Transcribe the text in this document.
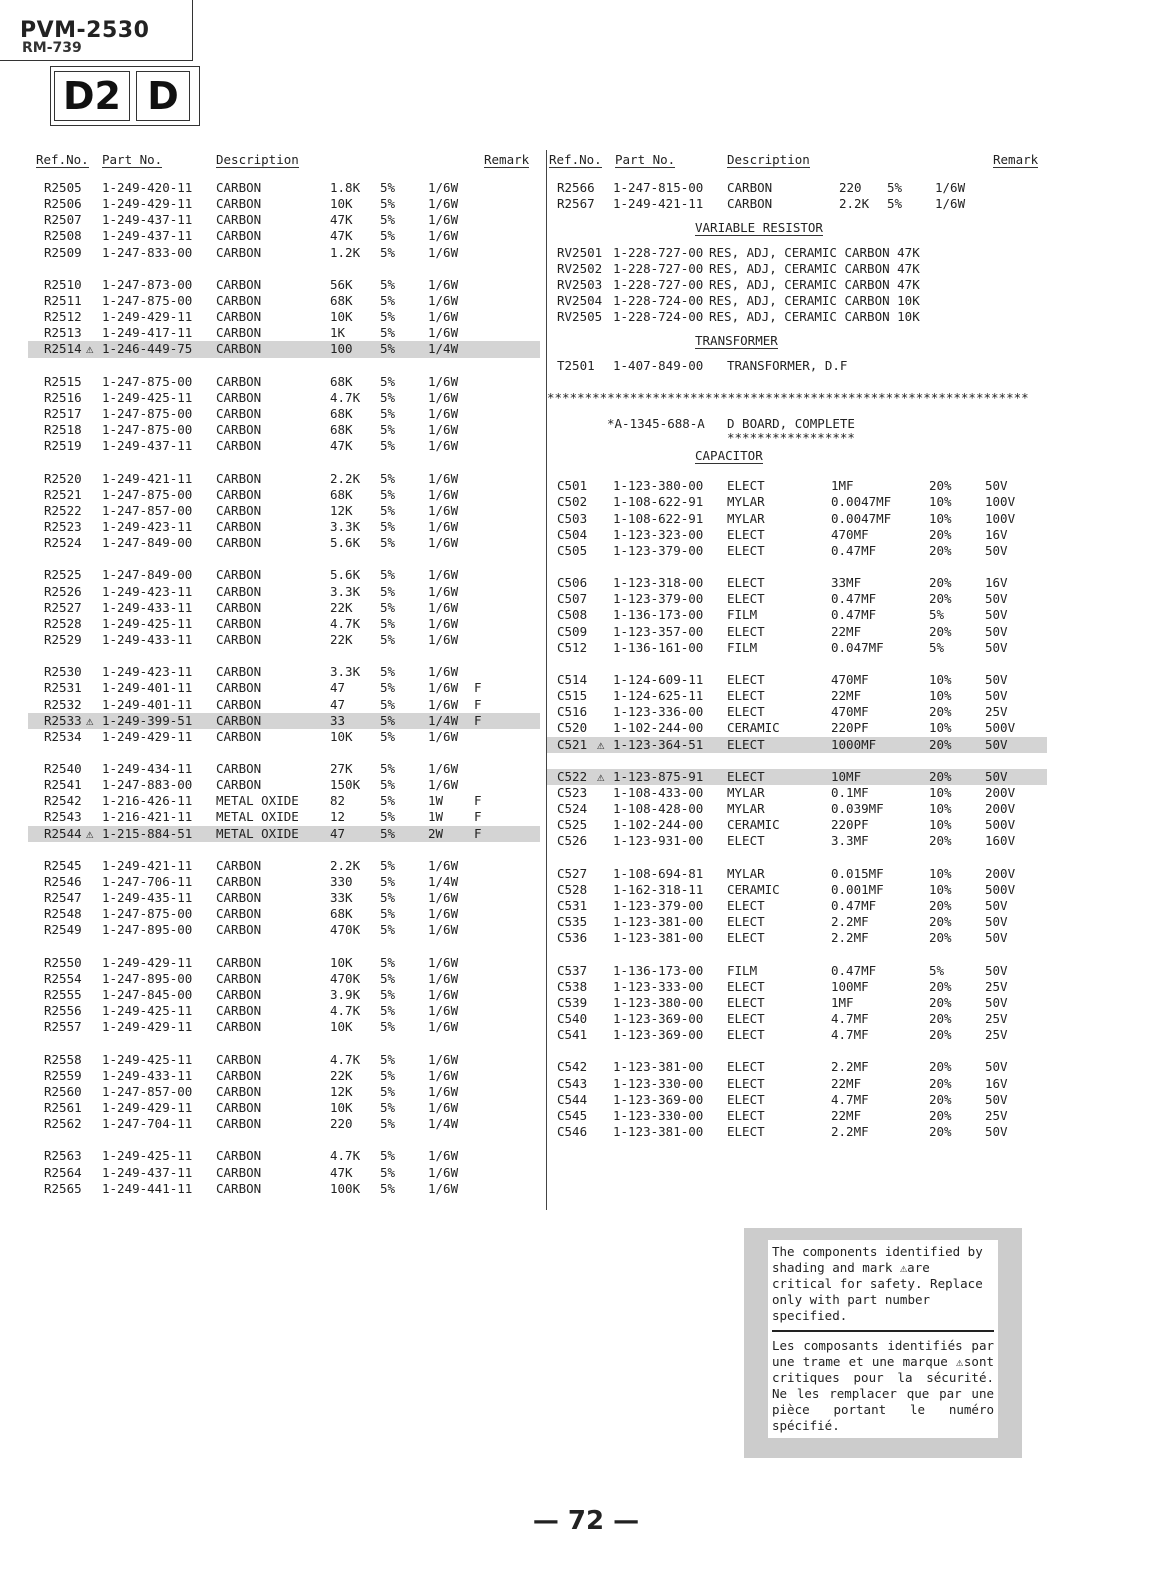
PVM-2530
RM-739
D2 D
Ref.No. Part No.	Description	Remark
R2505 1-249-420-11 CARBON	1.8K 5%	1/6W
R2506 1-249-429-11 CARBON	10K 5%	1/6W
R2507 1-249-437-11 CARBON	47K 5%	1/6W
R2508 1-249-437-11 CARBON	47K 5%	1/6W
R2509 1-247-833-00 CARBON	1.2K 5%	1/6W
R2510 1-247-873-00 CARBON	56K 5%	1/6W
R2511 1-247-875-00 CARBON	68K 5%	1/6W
R2512 1-249-429-11 CARBON	10K 5%	1/6W
R2513 1-249-417-11 CARBON	1K	5%	1/6W
R2514 ⚠ 1-246-449-75 CARBON	100 5%	1/4W
R2515 1-247-875-00 CARBON	68K 5%	1/6W
R2516 1-249-425-11 CARBON	4.7K 5%	1/6W
R2517 1-247-875-00 CARBON	68K 5%	1/6W
R2518 1-247-875-00 CARBON	68K 5%	1/6W
R2519 1-249-437-11 CARBON	47K 5%	1/6W
R2520 1-249-421-11 CARBON	2.2K 5%	1/6W
R2521 1-247-875-00 CARBON	68K 5%	1/6W
R2522 1-247-857-00 CARBON	12K 5%	1/6W
R2523 1-249-423-11 CARBON	3.3K 5%	1/6W
R2524 1-247-849-00 CARBON	5.6K 5%	1/6W
R2525 1-247-849-00 CARBON	5.6K 5%	1/6W
R2526 1-249-423-11 CARBON	3.3K 5%	1/6W
R2527 1-249-433-11 CARBON	22K 5%	1/6W
R2528 1-249-425-11 CARBON	4.7K 5%	1/6W
R2529 1-249-433-11 CARBON	22K 5%	1/6W
R2530 1-249-423-11 CARBON	3.3K 5%	1/6W
R2531 1-249-401-11 CARBON	47	5%	1/6W F
R2532 1-249-401-11 CARBON	47	5%	1/6W F
R2533 ⚠ 1-249-399-51 CARBON	33	5%	1/4W F
R2534 1-249-429-11 CARBON	10K 5%	1/6W
R2540 1-249-434-11 CARBON	27K 5%	1/6W
R2541 1-247-883-00 CARBON	150K 5%	1/6W
R2542 1-216-426-11 METAL OXIDE 82	5%	1W F
R2543 1-216-421-11 METAL OXIDE 12	5%	1W F
R2544 ⚠ 1-215-884-51 METAL OXIDE 47	5%	2W F
R2545 1-249-421-11 CARBON	2.2K 5%	1/6W
R2546 1-247-706-11 CARBON	330 5%	1/4W
R2547 1-249-435-11 CARBON	33K 5%	1/6W
R2548 1-247-875-00 CARBON	68K 5%	1/6W
R2549 1-247-895-00 CARBON	470K 5%	1/6W
R2550 1-249-429-11 CARBON	10K 5%	1/6W
R2554 1-247-895-00 CARBON	470K 5%	1/6W
R2555 1-247-845-00 CARBON	3.9K 5%	1/6W
R2556 1-249-425-11 CARBON	4.7K 5%	1/6W
R2557 1-249-429-11 CARBON	10K 5%	1/6W
R2558 1-249-425-11 CARBON	4.7K 5%	1/6W
R2559 1-249-433-11 CARBON	22K 5%	1/6W
R2560 1-247-857-00 CARBON	12K 5%	1/6W
R2561 1-249-429-11 CARBON	10K 5%	1/6W
R2562 1-247-704-11 CARBON	220 5%	1/4W
R2563 1-249-425-11 CARBON	4.7K 5%	1/6W
R2564 1-249-437-11 CARBON	47K 5%	1/6W
R2565 1-249-441-11 CARBON	100K 5%	1/6W
Ref.No. Part No.	Description	Remark
R2566 1-247-815-00 CARBON	220 5%	1/6W
R2567 1-249-421-11 CARBON	2.2K 5%	1/6W
VARIABLE RESISTOR
RV2501 1-228-727-00 RES, ADJ, CERAMIC CARBON 47K
RV2502 1-228-727-00 RES, ADJ, CERAMIC CARBON 47K
RV2503 1-228-727-00 RES, ADJ, CERAMIC CARBON 47K
RV2504 1-228-724-00 RES, ADJ, CERAMIC CARBON 10K
RV2505 1-228-724-00 RES, ADJ, CERAMIC CARBON 10K
TRANSFORMER
T2501 1-407-849-00 TRANSFORMER, D.F
****************************************************************
*A-1345-688-A D BOARD, COMPLETE
*****************
CAPACITOR
C501 1-123-380-00 ELECT	1MF	20%	50V
C502 1-108-622-91 MYLAR	0.0047MF	10%	100V
C503 1-108-622-91 MYLAR	0.0047MF	10%	100V
C504 1-123-323-00 ELECT	470MF	20%	16V
C505 1-123-379-00 ELECT	0.47MF	20%	50V
C506 1-123-318-00 ELECT	33MF	20%	16V
C507 1-123-379-00 ELECT	0.47MF	20%	50V
C508 1-136-173-00 FILM	0.47MF	5%	50V
C509 1-123-357-00 ELECT	22MF	20%	50V
C512 1-136-161-00 FILM	0.047MF	5%	50V
C514 1-124-609-11 ELECT	470MF	10%	50V
C515 1-124-625-11 ELECT	22MF	10%	50V
C516 1-123-336-00 ELECT	470MF	20%	25V
C520 1-102-244-00 CERAMIC	220PF	10%	500V
C521 ⚠ 1-123-364-51 ELECT	1000MF	20%	50V
C522 ⚠ 1-123-875-91 ELECT	10MF	20%	50V
C523 1-108-433-00 MYLAR	0.1MF	10%	200V
C524 1-108-428-00 MYLAR	0.039MF	10%	200V
C525 1-102-244-00 CERAMIC	220PF	10%	500V
C526 1-123-931-00 ELECT	3.3MF	20%	160V
C527 1-108-694-81 MYLAR	0.015MF	10%	200V
C528 1-162-318-11 CERAMIC	0.001MF	10%	500V
C531 1-123-379-00 ELECT	0.47MF	20%	50V
C535 1-123-381-00 ELECT	2.2MF	20%	50V
C536 1-123-381-00 ELECT	2.2MF	20%	50V
C537 1-136-173-00 FILM	0.47MF	5%	50V
C538 1-123-333-00 ELECT	100MF	20%	25V
C539 1-123-380-00 ELECT	1MF	20%	50V
C540 1-123-369-00 ELECT	4.7MF	20%	25V
C541 1-123-369-00 ELECT	4.7MF	20%	25V
C542 1-123-381-00 ELECT	2.2MF	20%	50V
C543 1-123-330-00 ELECT	22MF	20%	16V
C544 1-123-369-00 ELECT	4.7MF	20%	50V
C545 1-123-330-00 ELECT	22MF	20%	25V
C546 1-123-381-00 ELECT	2.2MF	20%	50V
The components identified by shading and mark ⚠are critical for safety. Replace only with part number specified.
Les composants identifiés par une trame et une marque ⚠sont critiques pour la sécurité. Ne les remplacer que par une pièce portant le numéro spécifié.
— 72 —
